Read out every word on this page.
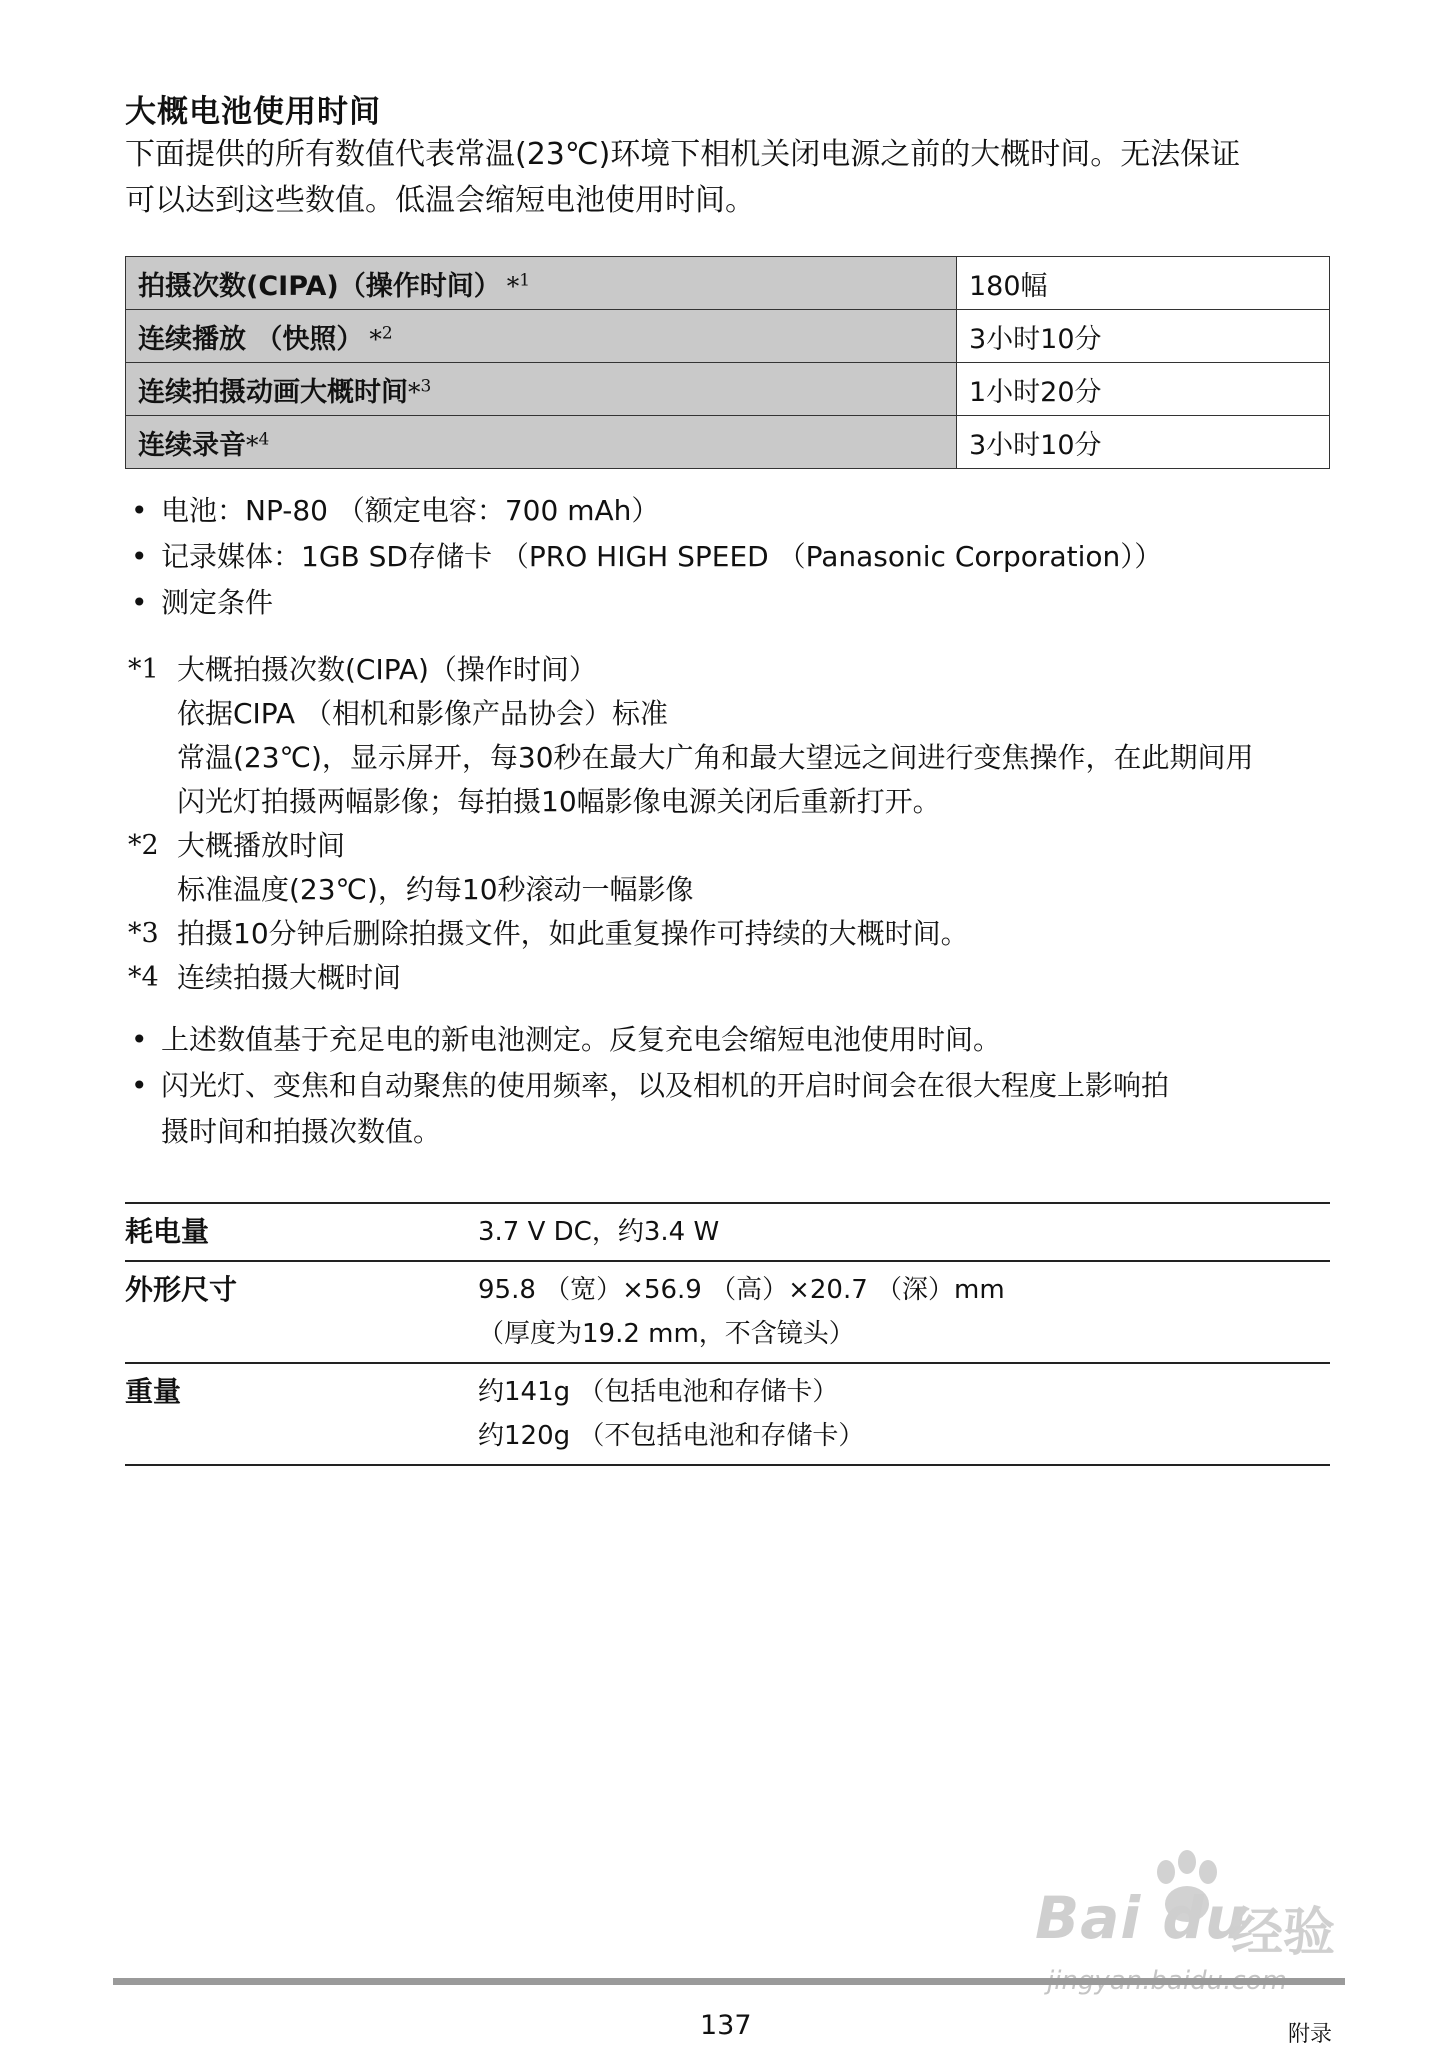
大概电池使用时间
下面提供的所有数值代表常温(23℃)环境下相机关闭电源之前的大概时间。无法保证
可以达到这些数值。低温会缩短电池使用时间。
拍摄次数(CIPA)（操作时间） *$^1$	180幅
连续播放 （快照） *$^2$	3小时10分
连续拍摄动画大概时间*$^3$	1小时20分
连续录音*$^4$	3小时10分
• 电池：NP-80 （额定电容：700 mAh）
• 记录媒体：1GB SD存储卡 （PRO HIGH SPEED （Panasonic Corporation））
• 测定条件
*1 大概拍摄次数(CIPA)（操作时间）
依据CIPA （相机和影像产品协会）标准
常温(23℃)，显示屏开，每30秒在最大广角和最大望远之间进行变焦操作，在此期间用
闪光灯拍摄两幅影像；每拍摄10幅影像电源关闭后重新打开。
*2 大概播放时间
标准温度(23℃)，约每10秒滚动一幅影像
*3 拍摄10分钟后删除拍摄文件，如此重复操作可持续的大概时间。
*4 连续拍摄大概时间
• 上述数值基于充足电的新电池测定。反复充电会缩短电池使用时间。
• 闪光灯、变焦和自动聚焦的使用频率，以及相机的开启时间会在很大程度上影响拍
摄时间和拍摄次数值。
耗电量	3.7 V DC，约3.4 W
外形尺寸	95.8 （宽）×56.9 （高）×20.7 （深）mm
（厚度为19.2 mm，不含镜头）
重量	约141g （包括电池和存储卡）
约120g （不包括电池和存储卡）
Bai du
经验
137	附录
